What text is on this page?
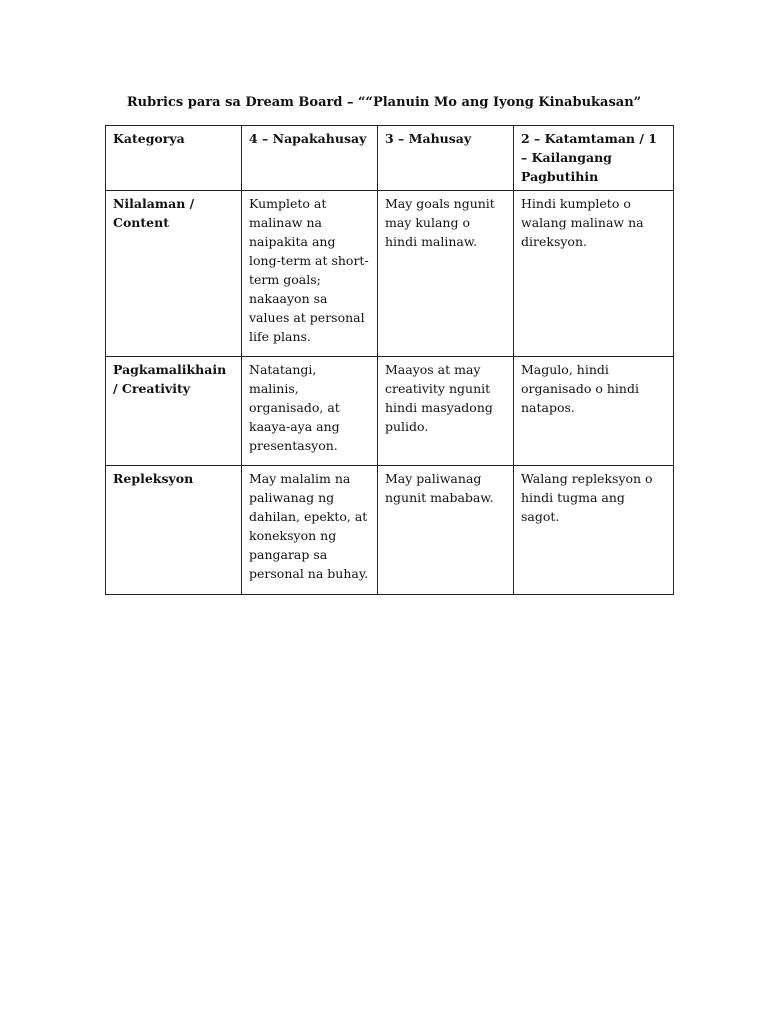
Rubrics para sa Dream Board – ““Planuin Mo ang Iyong Kinabukasan”
Kategorya	4 – Napakahusay	3 – Mahusay	2 – Katamtaman / 1 – Kailangang Pagbutihin
Nilalaman / Content	Kumpleto at malinaw na naipakita ang long-term at short-term goals; nakaayon sa values at personal life plans.	May goals ngunit may kulang o hindi malinaw.	Hindi kumpleto o walang malinaw na direksyon.
Pagkamalikhain / Creativity	Natatangi, malinis, organisado, at kaaya-aya ang presentasyon.	Maayos at may creativity ngunit hindi masyadong pulido.	Magulo, hindi organisado o hindi natapos.
Repleksyon	May malalim na paliwanag ng dahilan, epekto, at koneksyon ng pangarap sa personal na buhay.	May paliwanag ngunit mababaw.	Walang repleksyon o hindi tugma ang sagot.
